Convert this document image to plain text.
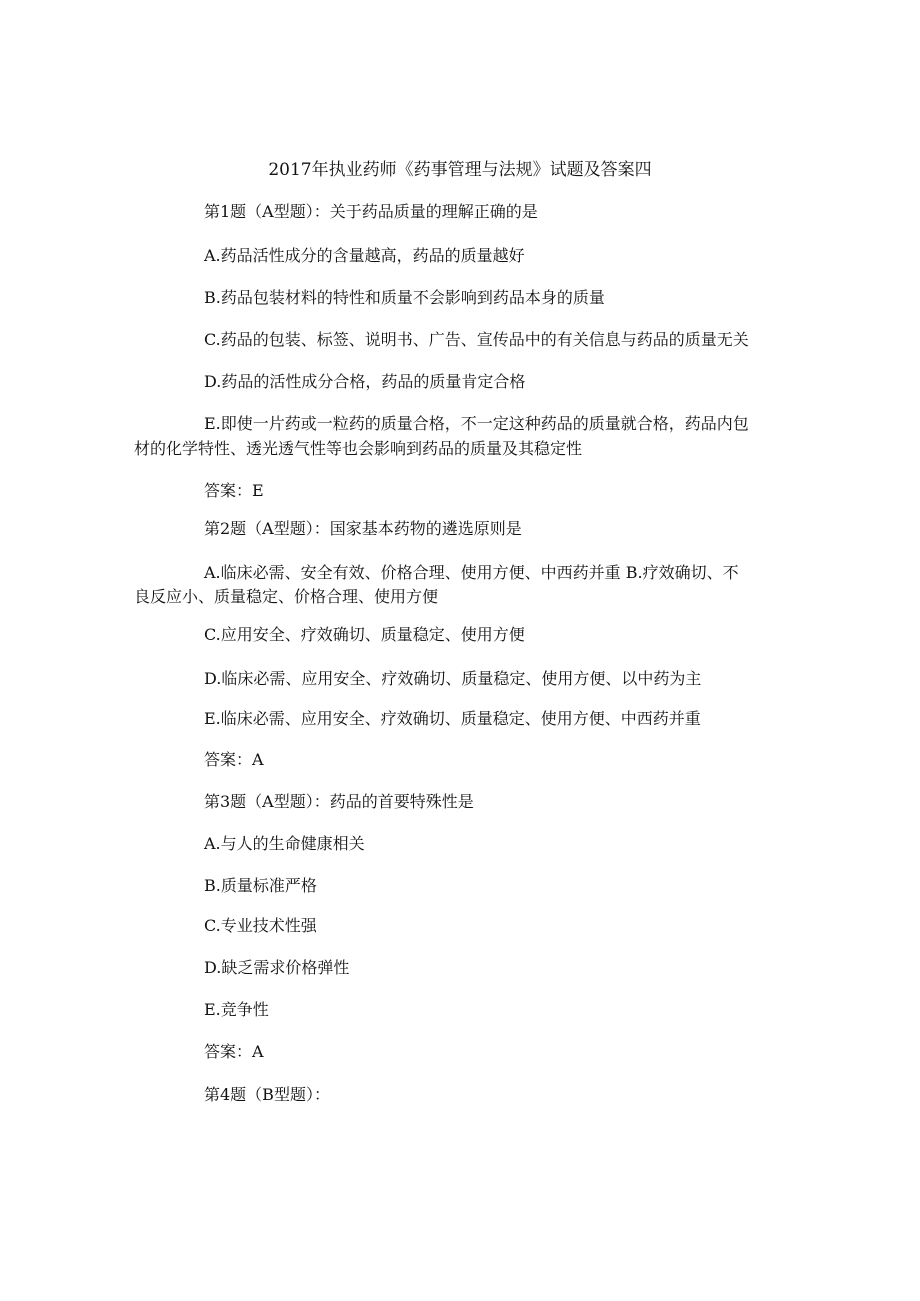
2017年执业药师《药事管理与法规》试题及答案四
第1题（A型题）：关于药品质量的理解正确的是
A.药品活性成分的含量越高，药品的质量越好
B.药品包装材料的特性和质量不会影响到药品本身的质量
C.药品的包装、标签、说明书、广告、宣传品中的有关信息与药品的质量无关
D.药品的活性成分合格，药品的质量肯定合格
E.即使一片药或一粒药的质量合格，不一定这种药品的质量就合格，药品内包
材的化学特性、透光透气性等也会影响到药品的质量及其稳定性
答案：E
第2题（A型题）：国家基本药物的遴选原则是
A.临床必需、安全有效、价格合理、使用方便、中西药并重 B.疗效确切、不
良反应小、质量稳定、价格合理、使用方便
C.应用安全、疗效确切、质量稳定、使用方便
D.临床必需、应用安全、疗效确切、质量稳定、使用方便、以中药为主
E.临床必需、应用安全、疗效确切、质量稳定、使用方便、中西药并重
答案：A
第3题（A型题）：药品的首要特殊性是
A.与人的生命健康相关
B.质量标准严格
C.专业技术性强
D.缺乏需求价格弹性
E.竞争性
答案：A
第4题（B型题）：
